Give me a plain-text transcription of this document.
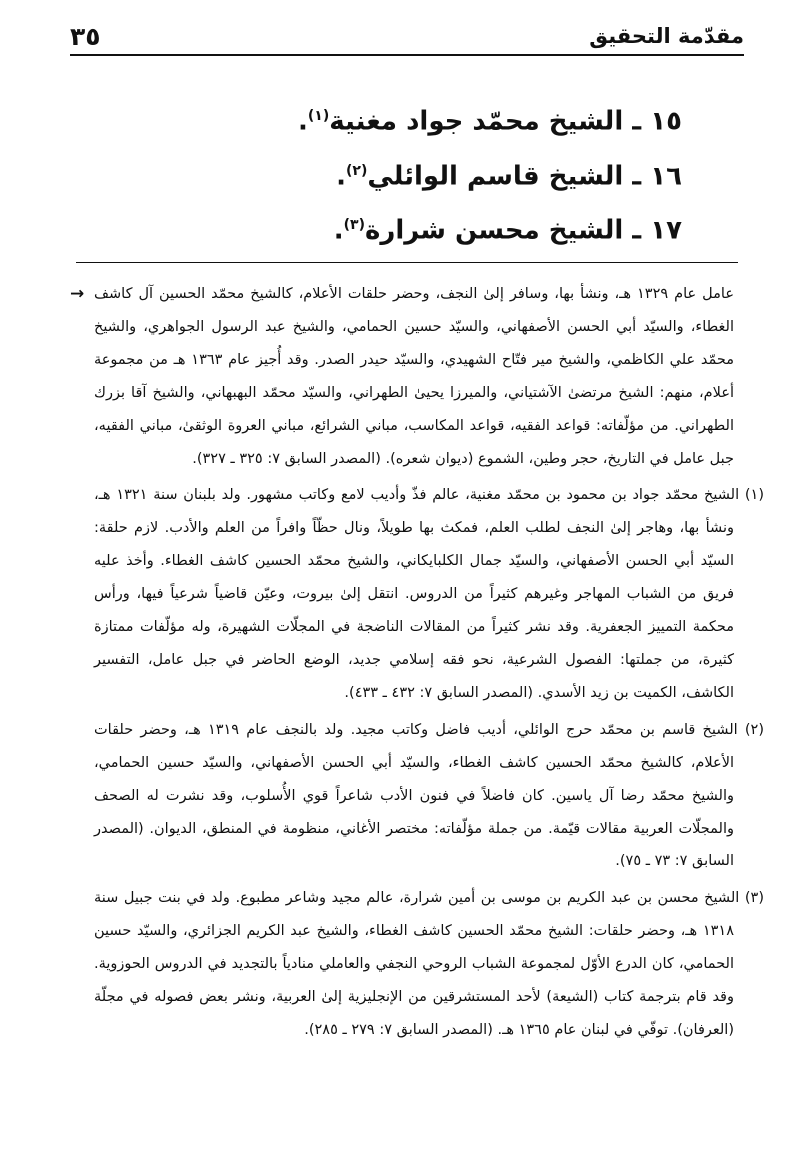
٣٥	مقدّمة التحقيق
١٥ ـ الشيخ محمّد جواد مغنية$^{(١)}$.
١٦ ـ الشيخ قاسم الوائلي$^{(٢)}$.
١٧ ـ الشيخ محسن شرارة$^{(٣)}$.
→ عامل عام ١٣٢٩ هـ، ونشأ بها، وسافر إلىٰ النجف، وحضر حلقات الأعلام، كالشيخ محمّد الحسين آل كاشف الغطاء، والسيّد أبي الحسن الأصفهاني، والسيّد حسين الحمامي، والشيخ عبد الرسول الجواهري، والشيخ محمّد علي الكاظمي، والشيخ مير فتّاح الشهيدي، والسيّد حيدر الصدر. وقد أُجيز عام ١٣٦٣ هـ من مجموعة أعلام، منهم: الشيخ مرتضىٰ الآشتياني، والميرزا يحيىٰ الطهراني، والسيّد محمّد البهبهاني، والشيخ آقا بزرك الطهراني. من مؤلّفاته: قواعد الفقيه، قواعد المكاسب، مباني الشرائع، مباني العروة الوثقىٰ، مباني الفقيه، جبل عامل في التاريخ، حجر وطين، الشموع (ديوان شعره). (المصدر السابق ٧: ٣٢٥ ـ ٣٢٧).

(١) الشيخ محمّد جواد بن محمود بن محمّد مغنية، عالم فذّ وأديب لامع وكاتب مشهور. ولد بلبنان سنة ١٣٢١ هـ، ونشأ بها، وهاجر إلىٰ النجف لطلب العلم، فمكث بها طويلاً، ونال حظّاً وافراً من العلم والأدب. لازم حلقة: السيّد أبي الحسن الأصفهاني، والسيّد جمال الكلبايكاني، والشيخ محمّد الحسين كاشف الغطاء. وأخذ عليه فريق من الشباب المهاجر وغيرهم كثيراً من الدروس. انتقل إلىٰ بيروت، وعيّن قاضياً شرعياً فيها، ورأس محكمة التمييز الجعفرية. وقد نشر كثيراً من المقالات الناضجة في المجلّات الشهيرة، وله مؤلّفات ممتازة كثيرة، من جملتها: الفصول الشرعية، نحو فقه إسلامي جديد، الوضع الحاضر في جبل عامل، التفسير الكاشف، الكميت بن زيد الأسدي. (المصدر السابق ٧: ٤٣٢ ـ ٤٣٣).

(٢) الشيخ قاسم بن محمّد حرج الوائلي، أديب فاضل وكاتب مجيد. ولد بالنجف عام ١٣١٩ هـ، وحضر حلقات الأعلام، كالشيخ محمّد الحسين كاشف الغطاء، والسيّد أبي الحسن الأصفهاني، والسيّد حسين الحمامي، والشيخ محمّد رضا آل ياسين. كان فاضلاً في فنون الأدب شاعراً قوي الأُسلوب، وقد نشرت له الصحف والمجلّات العربية مقالات قيّمة. من جملة مؤلّفاته: مختصر الأغاني، منظومة في المنطق، الديوان. (المصدر السابق ٧: ٧٣ ـ ٧٥).

(٣) الشيخ محسن بن عبد الكريم بن موسى بن أمين شرارة، عالم مجيد وشاعر مطبوع. ولد في بنت جبيل سنة ١٣١٨ هـ، وحضر حلقات: الشيخ محمّد الحسين كاشف الغطاء، والشيخ عبد الكريم الجزائري، والسيّد حسين الحمامي، كان الدرع الأوّل لمجموعة الشباب الروحي النجفي والعاملي منادياً بالتجديد في الدروس الحوزوية. وقد قام بترجمة كتاب (الشيعة) لأحد المستشرقين من الإنجليزية إلىٰ العربية، ونشر بعض فصوله في مجلّة (العرفان). توفّي في لبنان عام ١٣٦٥ هـ. (المصدر السابق ٧: ٢٧٩ ـ ٢٨٥).
